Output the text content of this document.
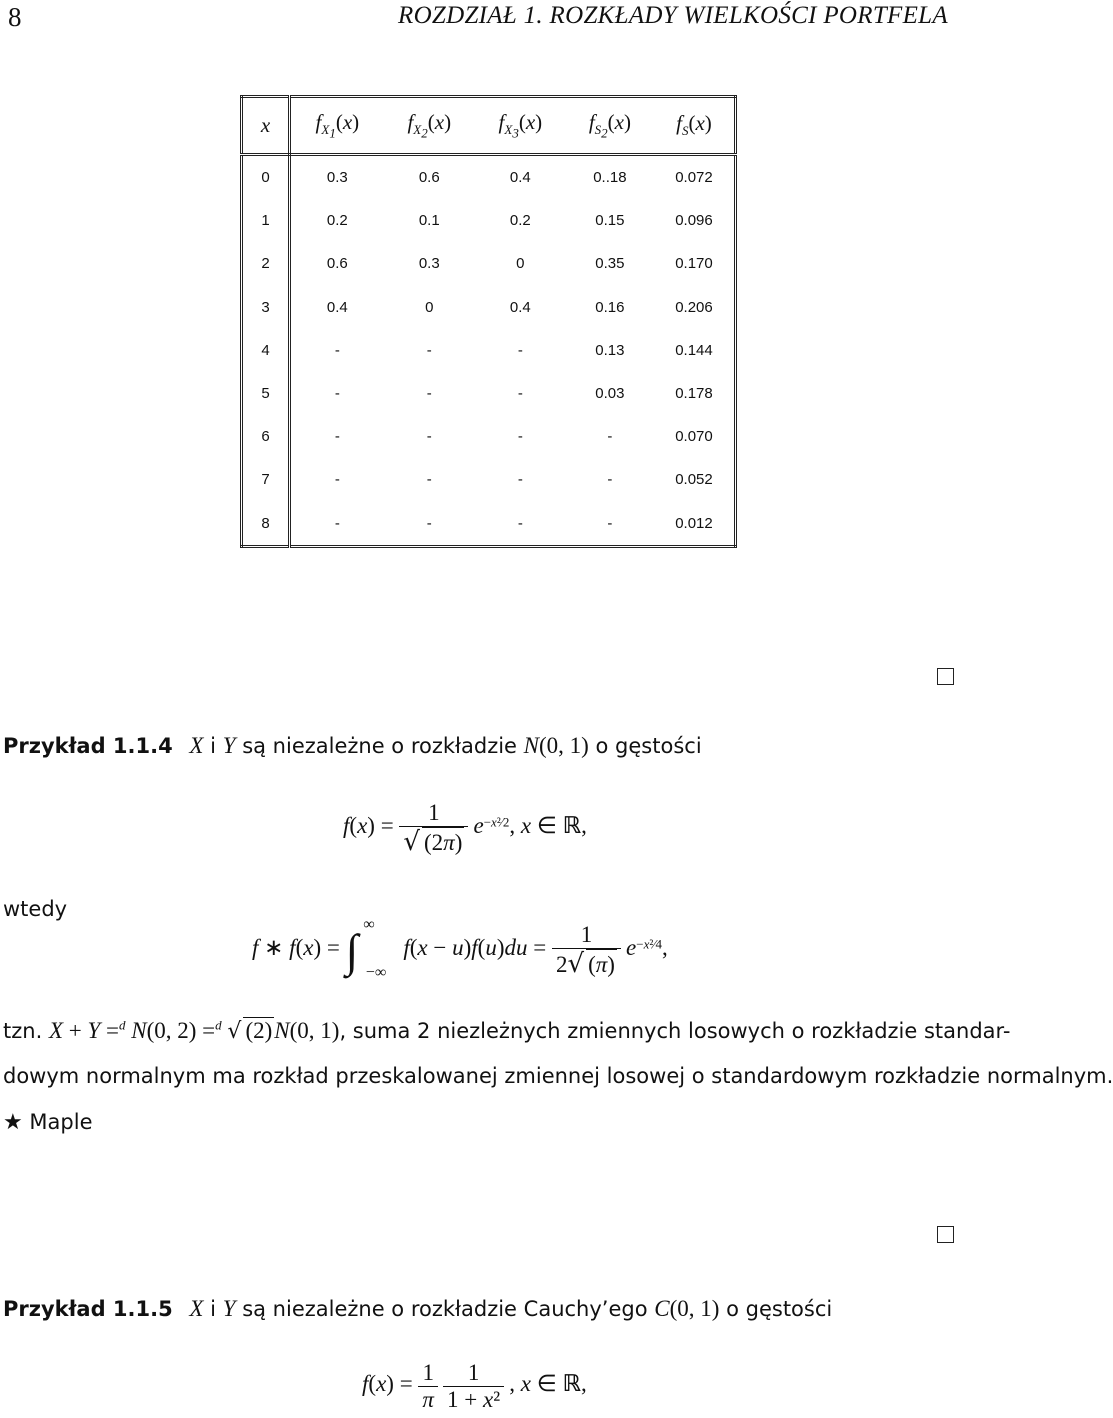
8	ROZDZIAŁ 1. ROZKŁADY WIELKOŚCI PORTFELA
x	$f_{X_1}(x)$	$f_{X_2}(x)$	$f_{X_3}(x)$	$f_{S_2}(x)$	$f_S(x)$
0	0.3	0.6	0.4	0..18	0.072
1	0.2	0.1	0.2	0.15	0.096
2	0.6	0.3	0	0.35	0.170
3	0.4	0	0.4	0.16	0.206
4	-	-	-	0.13	0.144
5	-	-	-	0.03	0.178
6	-	-	-	-	0.070
7	-	-	-	-	0.052
8	-	-	-	-	0.012
Przykład 1.1.4 X i Y są niezależne o rozkładzie N(0, 1) o gęstości
$f(x) = \frac{1}{√ (2\pi)} e^{-x^2⁄2}$, x ∈ ℝ,
wtedy
f ∗ f(x) = ∫ ∞ −∞ $f(x - u)f(u)du = \frac{1}{2√ (\pi)} e^{-x^2⁄4}$,
tzn. X + Y =$^d$ N(0, 2) =$^d$ √ (2)N(0, 1), suma 2 niezleżnych zmiennych losowych o rozkładzie standar-
dowym normalnym ma rozkład przeskalowanej zmiennej losowej o standardowym rozkładzie normalnym.
★ Maple
Przykład 1.1.5 X i Y są niezależne o rozkładzie Cauchy’ego C(0, 1) o gęstości
$f(x) = \frac{1}{\pi}$
$\frac{1}{\text{1 + x²}}$ , x ∈ ℝ,
